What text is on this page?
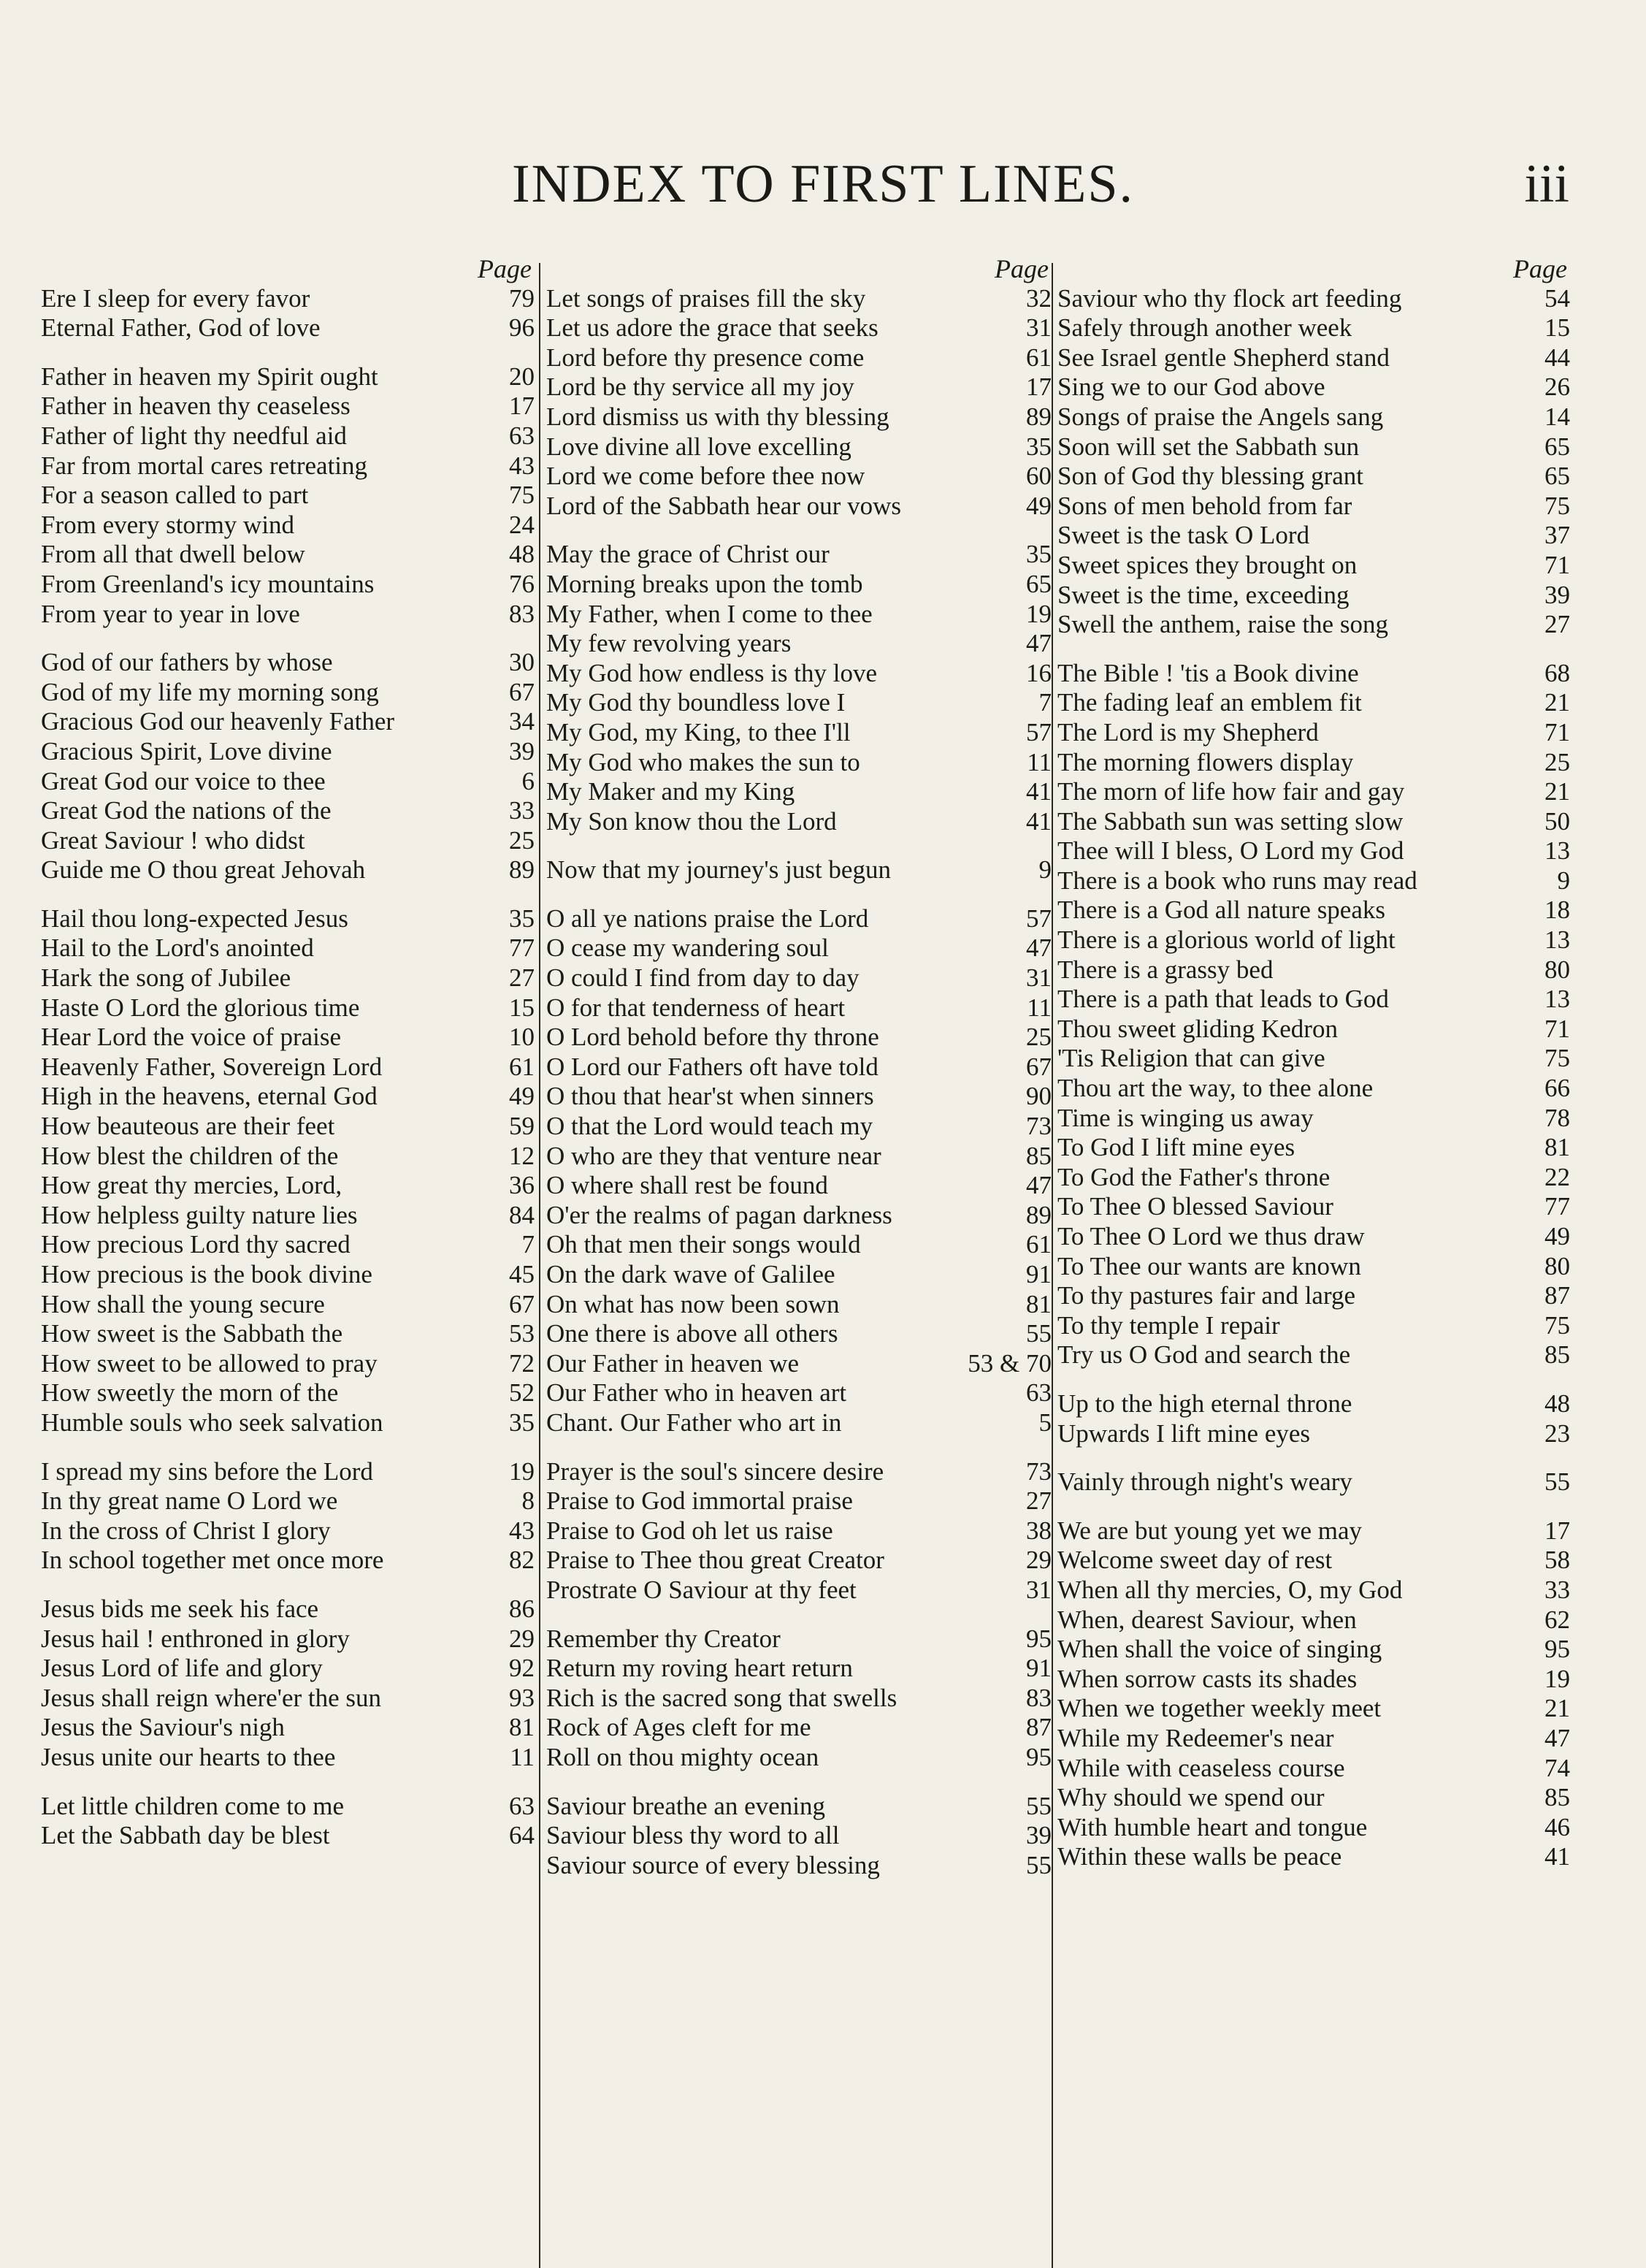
INDEX TO FIRST LINES.	iii
Page
Ere I sleep for every favor	79
Eternal Father, God of love	96
Father in heaven my Spirit ought	20
Father in heaven thy ceaseless	17
Father of light thy needful aid	63
Far from mortal cares retreating	43
For a season called to part	75
From every stormy wind	24
From all that dwell below	48
From Greenland's icy mountains	76
From year to year in love	83
God of our fathers by whose	30
God of my life my morning song	67
Gracious God our heavenly Father	34
Gracious Spirit, Love divine	39
Great God our voice to thee	6
Great God the nations of the	33
Great Saviour ! who didst	25
Guide me O thou great Jehovah	89
Hail thou long-expected Jesus	35
Hail to the Lord's anointed	77
Hark the song of Jubilee	27
Haste O Lord the glorious time	15
Hear Lord the voice of praise	10
Heavenly Father, Sovereign Lord	61
High in the heavens, eternal God	49
How beauteous are their feet	59
How blest the children of the	12
How great thy mercies, Lord,	36
How helpless guilty nature lies	84
How precious Lord thy sacred	7
How precious is the book divine	45
How shall the young secure	67
How sweet is the Sabbath the	53
How sweet to be allowed to pray	72
How sweetly the morn of the	52
Humble souls who seek salvation	35
I spread my sins before the Lord	19
In thy great name O Lord we	8
In the cross of Christ I glory	43
In school together met once more	82
Jesus bids me seek his face	86
Jesus hail ! enthroned in glory	29
Jesus Lord of life and glory	92
Jesus shall reign where'er the sun	93
Jesus the Saviour's nigh	81
Jesus unite our hearts to thee	11
Let little children come to me	63
Let the Sabbath day be blest	64
Page
Let songs of praises fill the sky	32
Let us adore the grace that seeks	31
Lord before thy presence come	61
Lord be thy service all my joy	17
Lord dismiss us with thy blessing	89
Love divine all love excelling	35
Lord we come before thee now	60
Lord of the Sabbath hear our vows	49
May the grace of Christ our	35
Morning breaks upon the tomb	65
My Father, when I come to thee	19
My few revolving years	47
My God how endless is thy love	16
My God thy boundless love I	7
My God, my King, to thee I'll	57
My God who makes the sun to	11
My Maker and my King	41
My Son know thou the Lord	41
Now that my journey's just begun	9
O all ye nations praise the Lord	57
O cease my wandering soul	47
O could I find from day to day	31
O for that tenderness of heart	11
O Lord behold before thy throne	25
O Lord our Fathers oft have told	67
O thou that hear'st when sinners	90
O that the Lord would teach my	73
O who are they that venture near	85
O where shall rest be found	47
O'er the realms of pagan darkness	89
Oh that men their songs would	61
On the dark wave of Galilee	91
On what has now been sown	81
One there is above all others	55
Our Father in heaven we	53 & 70
Our Father who in heaven art	63
Chant. Our Father who art in	5
Prayer is the soul's sincere desire	73
Praise to God immortal praise	27
Praise to God oh let us raise	38
Praise to Thee thou great Creator	29
Prostrate O Saviour at thy feet	31
Remember thy Creator	95
Return my roving heart return	91
Rich is the sacred song that swells	83
Rock of Ages cleft for me	87
Roll on thou mighty ocean	95
Saviour breathe an evening	55
Saviour bless thy word to all	39
Saviour source of every blessing	55
Page
Saviour who thy flock art feeding	54
Safely through another week	15
See Israel gentle Shepherd stand	44
Sing we to our God above	26
Songs of praise the Angels sang	14
Soon will set the Sabbath sun	65
Son of God thy blessing grant	65
Sons of men behold from far	75
Sweet is the task O Lord	37
Sweet spices they brought on	71
Sweet is the time, exceeding	39
Swell the anthem, raise the song	27
The Bible ! 'tis a Book divine	68
The fading leaf an emblem fit	21
The Lord is my Shepherd	71
The morning flowers display	25
The morn of life how fair and gay	21
The Sabbath sun was setting slow	50
Thee will I bless, O Lord my God	13
There is a book who runs may read	9
There is a God all nature speaks	18
There is a glorious world of light	13
There is a grassy bed	80
There is a path that leads to God	13
Thou sweet gliding Kedron	71
'Tis Religion that can give	75
Thou art the way, to thee alone	66
Time is winging us away	78
To God I lift mine eyes	81
To God the Father's throne	22
To Thee O blessed Saviour	77
To Thee O Lord we thus draw	49
To Thee our wants are known	80
To thy pastures fair and large	87
To thy temple I repair	75
Try us O God and search the	85
Up to the high eternal throne	48
Upwards I lift mine eyes	23
Vainly through night's weary	55
We are but young yet we may	17
Welcome sweet day of rest	58
When all thy mercies, O, my God	33
When, dearest Saviour, when	62
When shall the voice of singing	95
When sorrow casts its shades	19
When we together weekly meet	21
While my Redeemer's near	47
While with ceaseless course	74
Why should we spend our	85
With humble heart and tongue	46
Within these walls be peace	41
